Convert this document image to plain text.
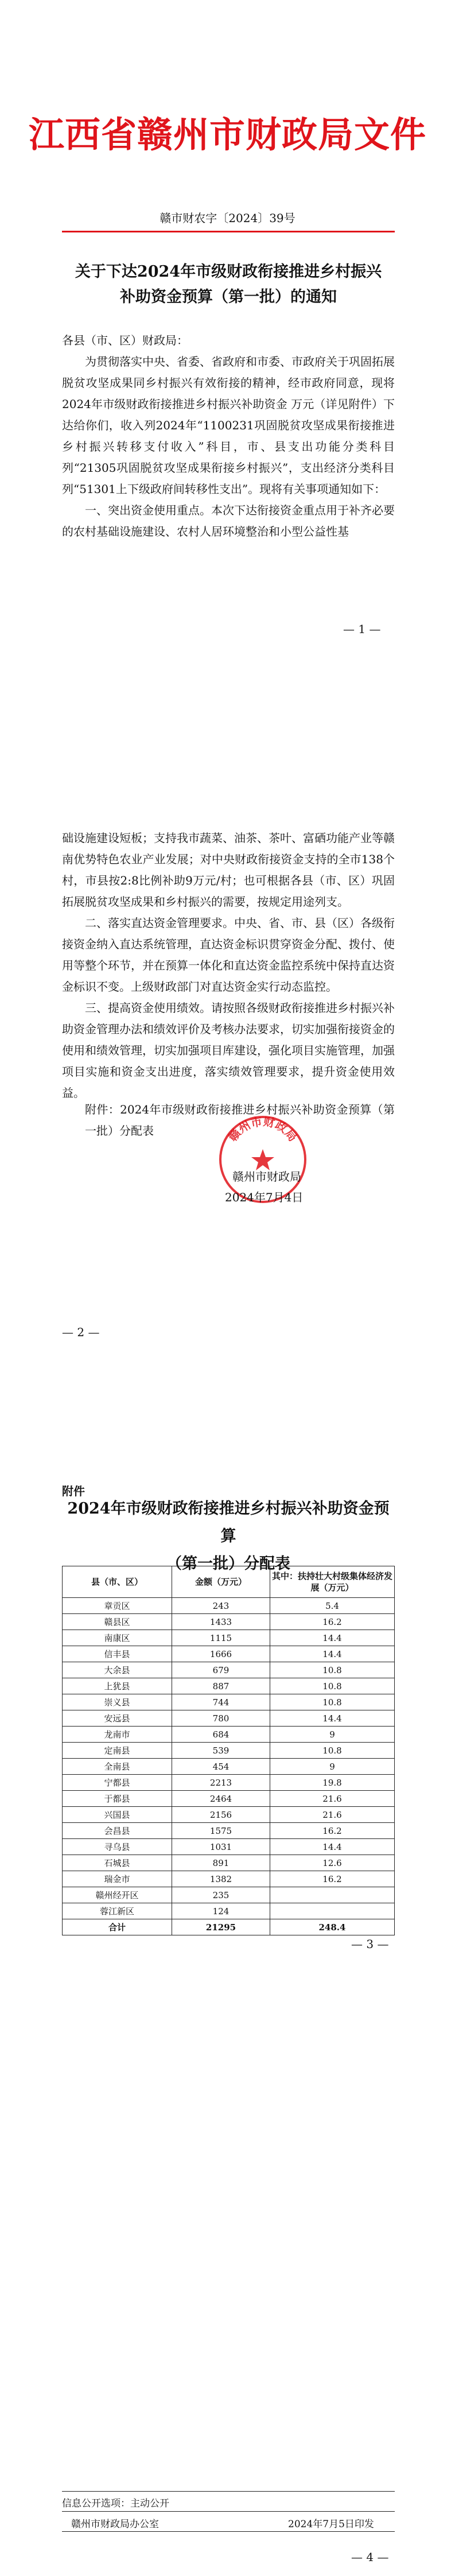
江西省赣州市财政局文件
赣市财农字〔2024〕39号
关于下达2024年市级财政衔接推进乡村振兴
补助资金预算（第一批）的通知
各县（市、区）财政局：
为贯彻落实中央、省委、省政府和市委、市政府关于巩固拓展脱贫攻坚成果同乡村振兴有效衔接的精神，经市政府同意，现将2024年市级财政衔接推进乡村振兴补助资金 万元（详见附件）下达给你们，收入列2024年“1100231巩固脱贫攻坚成果衔接推进乡村振兴转移支付收入”科目，市、县支出功能分类科目列“21305巩固脱贫攻坚成果衔接乡村振兴”，支出经济分类科目列“51301上下级政府间转移性支出”。现将有关事项通知如下：
一、突出资金使用重点。本次下达衔接资金重点用于补齐必要的农村基础设施建设、农村人居环境整治和小型公益性基
— 1 —
础设施建设短板；支持我市蔬菜、油茶、茶叶、富硒功能产业等赣南优势特色农业产业发展；对中央财政衔接资金支持的全市138个村，市县按2:8比例补助9万元/村；也可根据各县（市、区）巩固拓展脱贫攻坚成果和乡村振兴的需要，按规定用途列支。
二、落实直达资金管理要求。中央、省、市、县（区）各级衔接资金纳入直达系统管理，直达资金标识贯穿资金分配、拨付、使用等整个环节，并在预算一体化和直达资金监控系统中保持直达资金标识不变。上级财政部门对直达资金实行动态监控。
三、提高资金使用绩效。请按照各级财政衔接推进乡村振兴补助资金管理办法和绩效评价及考核办法要求，切实加强衔接资金的使用和绩效管理，切实加强项目库建设，强化项目实施管理，加强项目实施和资金支出进度，落实绩效管理要求，提升资金使用效益。
附件：2024年市级财政衔接推进乡村振兴补助资金预算（第一批）分配表	赣州市财政局
赣州市财政局
2024年7月4日
— 2 —
附件
2024年市级财政衔接推进乡村振兴补助资金预算
（第一批）分配表
县（市、区）	金额（万元）	其中：扶持壮大村级集体经济发展（万元）
章贡区	243	5.4
赣县区	1433	16.2
南康区	1115	14.4
信丰县	1666	14.4
大余县	679	10.8
上犹县	887	10.8
崇义县	744	10.8
安远县	780	14.4
龙南市	684	9
定南县	539	10.8
全南县	454	9
宁都县	2213	19.8
于都县	2464	21.6
兴国县	2156	21.6
会昌县	1575	16.2
寻乌县	1031	14.4
石城县	891	12.6
瑞金市	1382	16.2
赣州经开区	235	
蓉江新区	124	
合计	21295	248.4
— 3 —
信息公开选项：主动公开
赣州市财政局办公室	2024年7月5日印发
— 4 —
